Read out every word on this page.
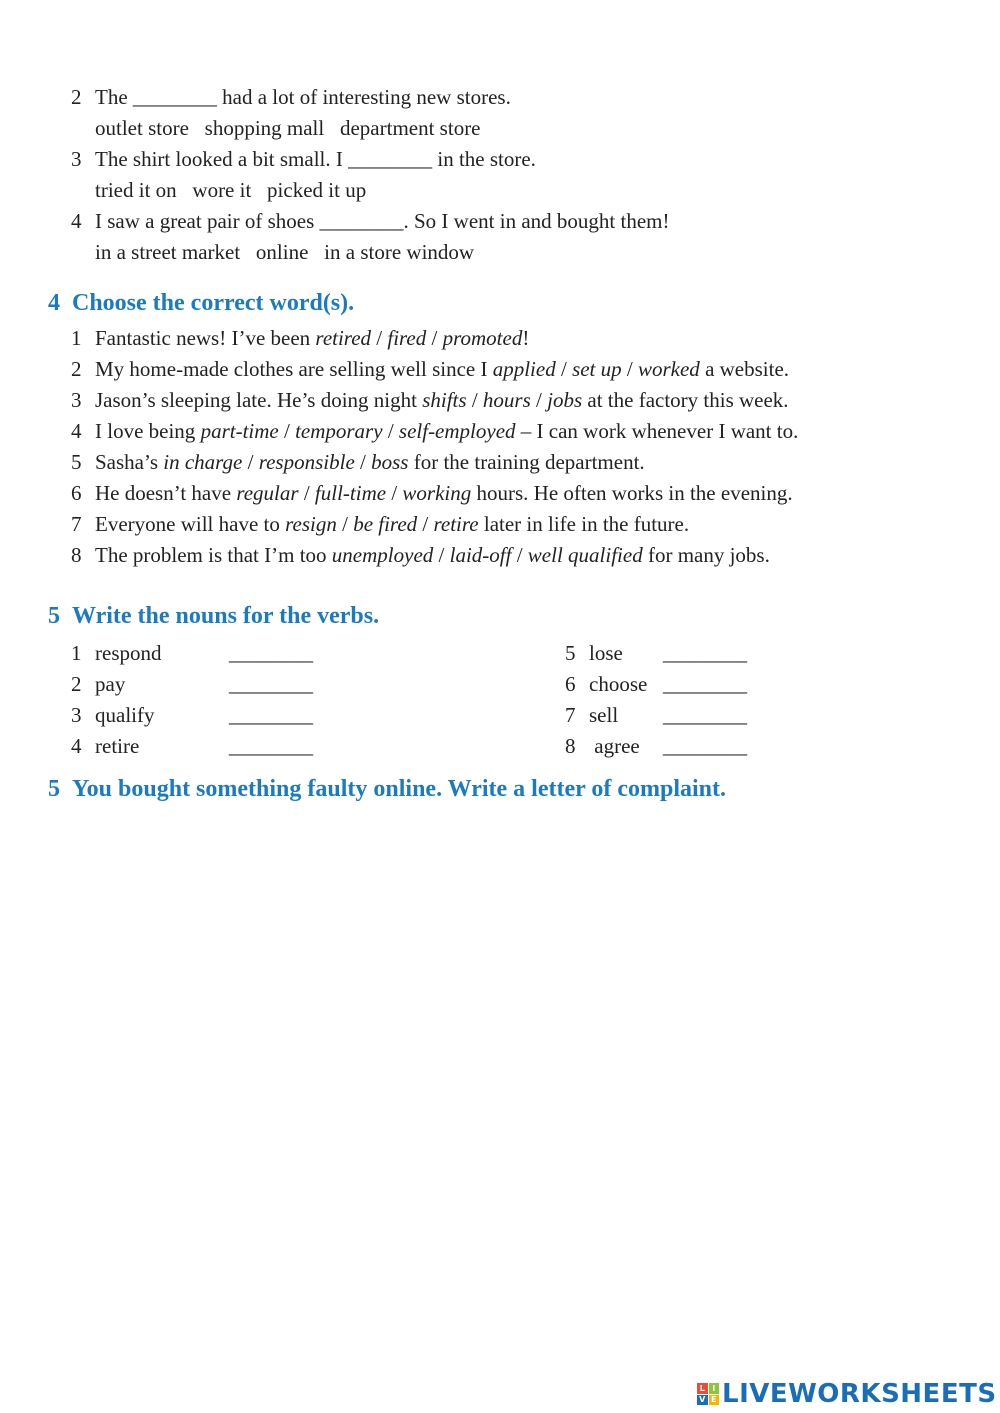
2 The ________ had a lot of interesting new stores.
outlet store   shopping mall   department store
3 The shirt looked a bit small. I ________ in the store.
tried it on   wore it   picked it up
4 I saw a great pair of shoes ________. So I went in and bought them!
in a street market   online   in a store window
4 Choose the correct word(s).
1 Fantastic news! I’ve been retired / fired / promoted!
2 My home-made clothes are selling well since I applied / set up / worked a website.
3 Jason’s sleeping late. He’s doing night shifts / hours / jobs at the factory this week.
4 I love being part-time / temporary / self-employed – I can work whenever I want to.
5 Sasha’s in charge / responsible / boss for the training department.
6 He doesn’t have regular / full-time / working hours. He often works in the evening.
7 Everyone will have to resign / be fired / retire later in life in the future.
8 The problem is that I’m too unemployed / laid-off / well qualified for many jobs.
5 Write the nouns for the verbs.
1 respond	________
2 pay	________
3 qualify	________
4 retire	________
5 lose ________
6 choose ________
7 sell ________
8 agree ________
5 You bought something faulty online. Write a letter of complaint.
L I
V E LIVEWORKSHEETS
